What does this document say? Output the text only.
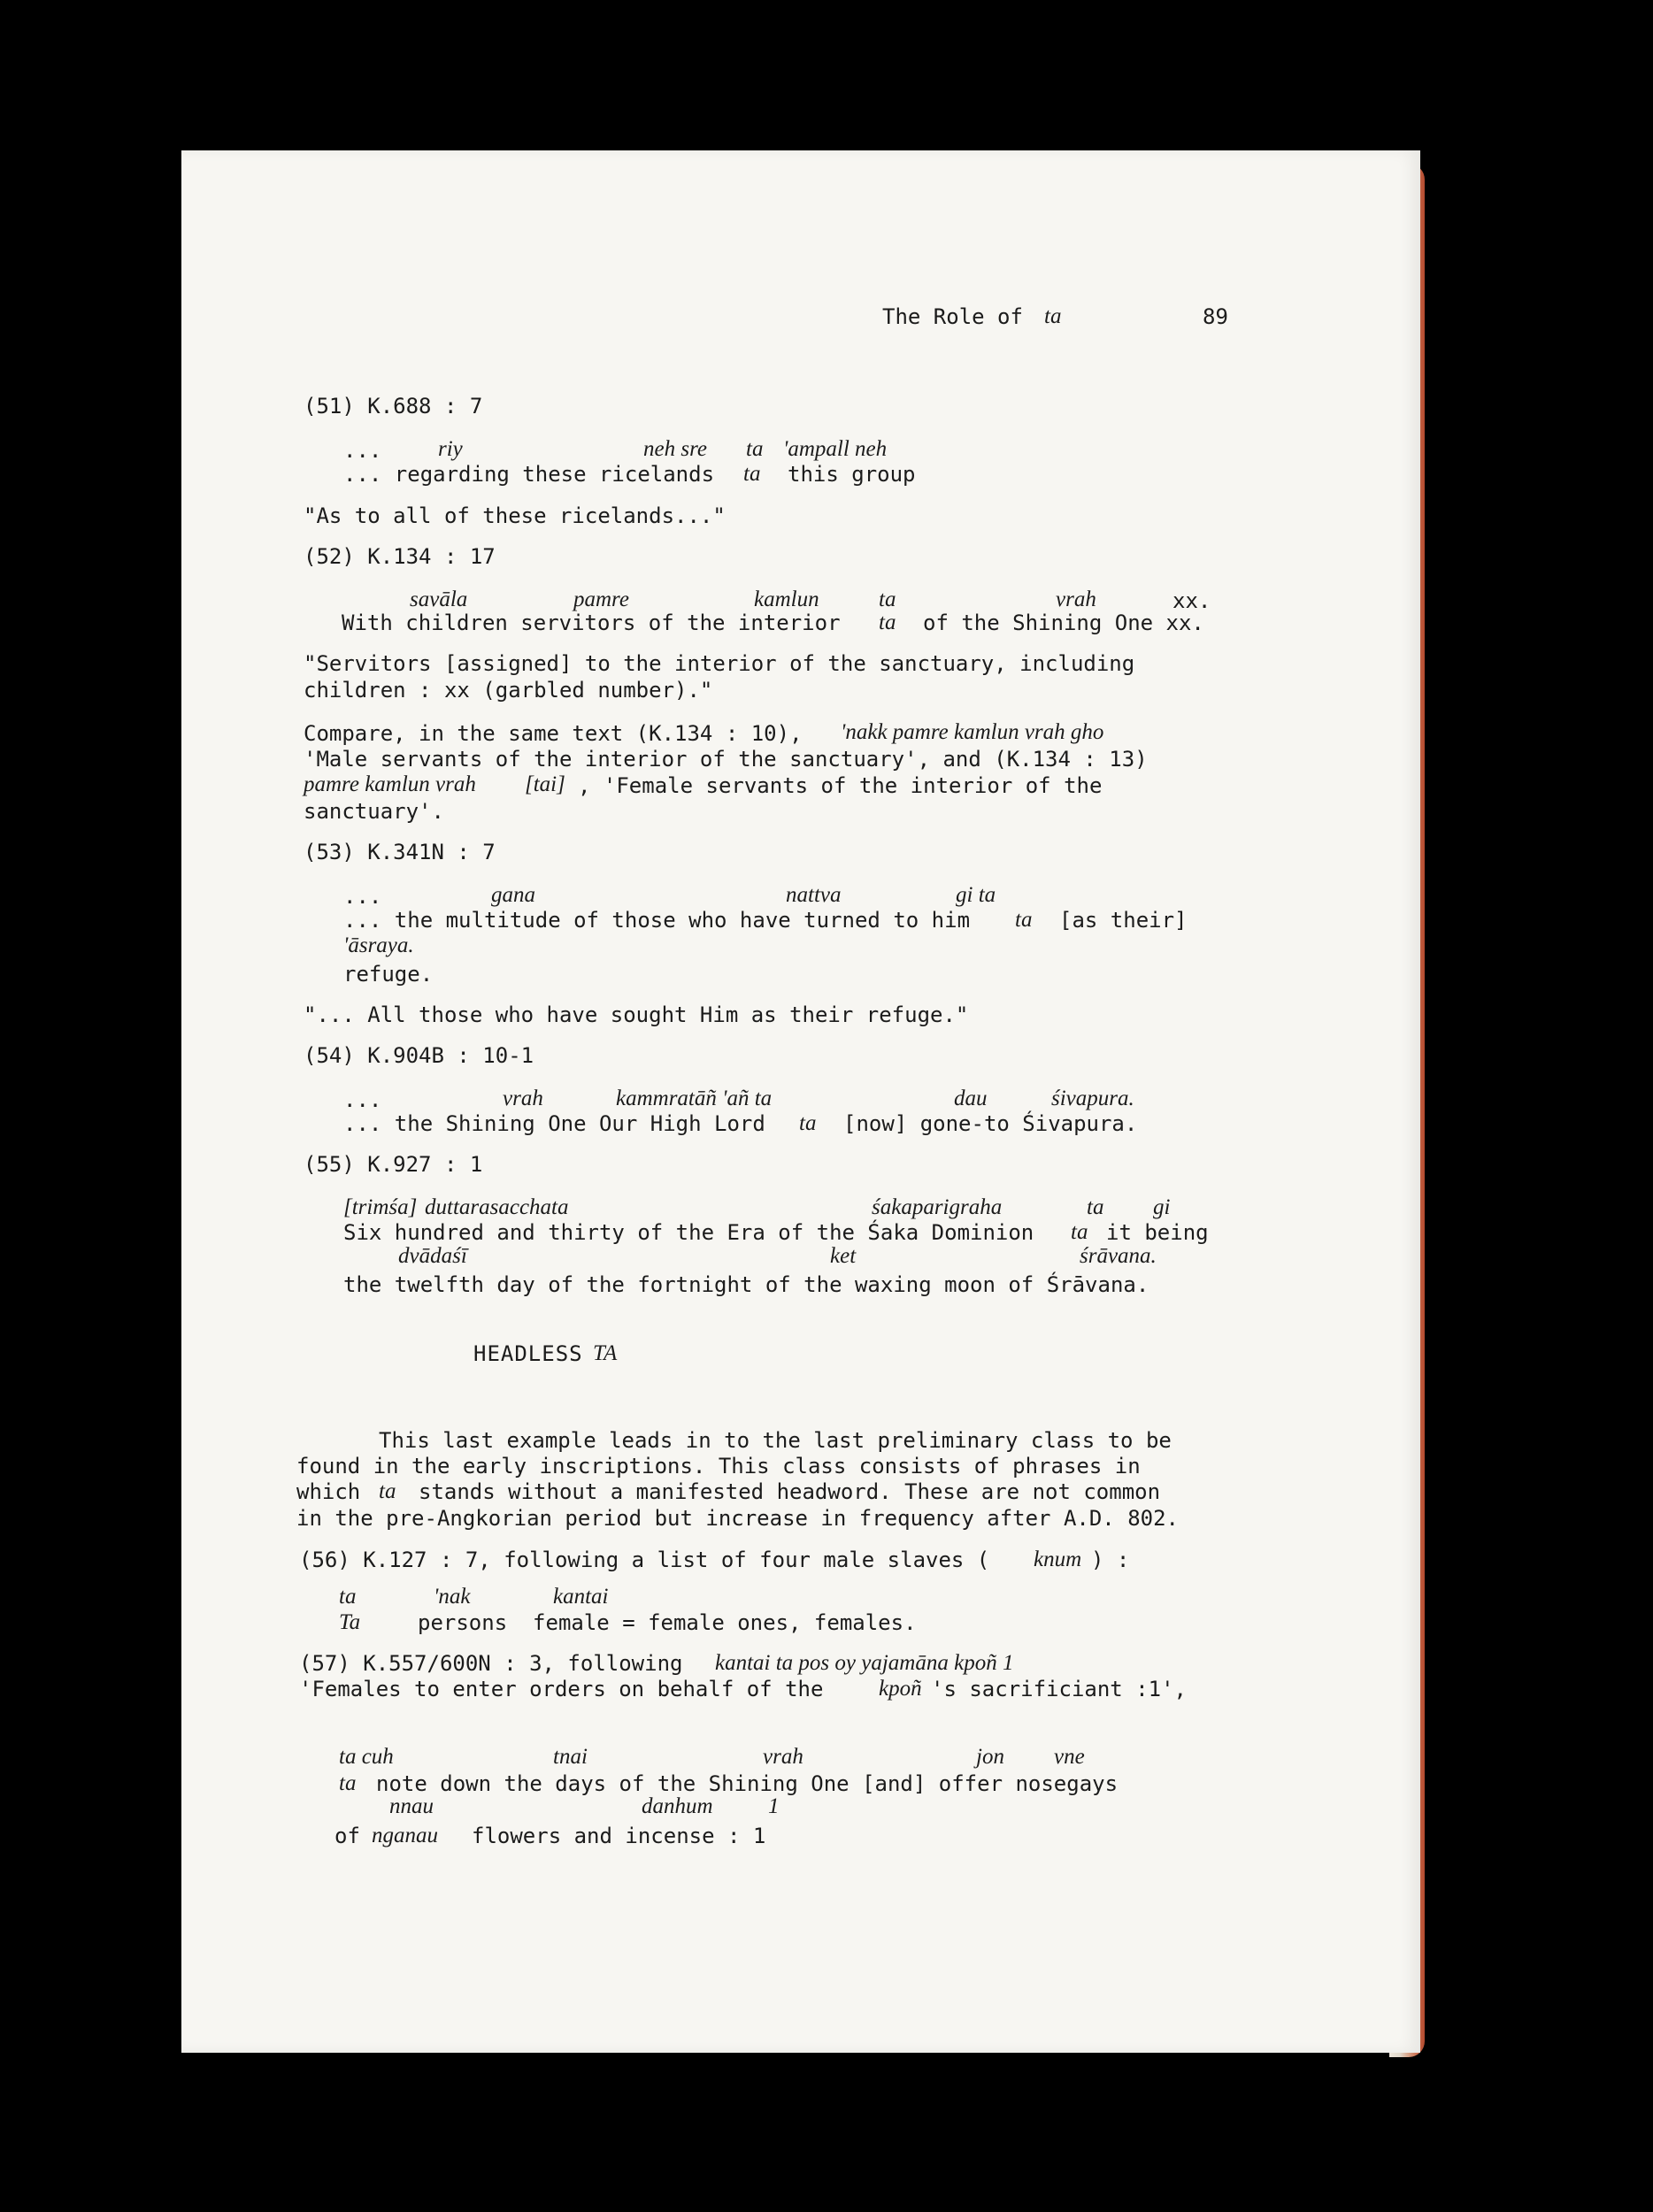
The Role of ta	89
(51) K.688 : 7
...	riy	neh sre ta 'ampall neh
... regarding these ricelands ta this group
"As to all of these ricelands..."
(52) K.134 : 17
savāla	pamre	kamlun	ta	vrah	xx.
With children servitors of the interior ta of the Shining One xx.
"Servitors [assigned] to the interior of the sanctuary, including
children : xx (garbled number)."
Compare, in the same text (K.134 : 10), 'nakk pamre kamlun vrah gho
'Male servants of the interior of the sanctuary', and (K.134 : 13)
pamre kamlun vrah [tai] , 'Female servants of the interior of the
sanctuary'.
(53) K.341N : 7
...	gana	nattva	gi ta
... the multitude of those who have turned to him ta [as their]
'āsraya.
refuge.
"... All those who have sought Him as their refuge."
(54) K.904B : 10-1
...	vrah	kammratāñ 'añ ta	dau	śivapura.
... the Shining One Our High Lord ta [now] gone-to Śivapura.
(55) K.927 : 1
[trimśa] duttarasacchata	śakaparigraha	ta gi
Six hundred and thirty of the Era of the Śaka Dominion ta it being
dvādaśī	ket	śrāvana.
the twelfth day of the fortnight of the waxing moon of Śrāvana.
HEADLESS TA
This last example leads in to the last preliminary class to be
found in the early inscriptions. This class consists of phrases in
which ta stands without a manifested headword. These are not common
in the pre-Angkorian period but increase in frequency after A.D. 802.
(56) K.127 : 7, following a list of four male slaves ( knum ) :
ta	'nak	kantai
Ta	persons  female = female ones, females.
(57) K.557/600N : 3, following kantai ta pos oy yajamāna kpoñ 1
'Females to enter orders on behalf of the	kpoñ 's sacrificiant :1',
ta cuh	tnai	vrah	jon vne
ta note down the days of the Shining One [and] offer nosegays
nnau	danhum 1
of nganau flowers and incense : 1
